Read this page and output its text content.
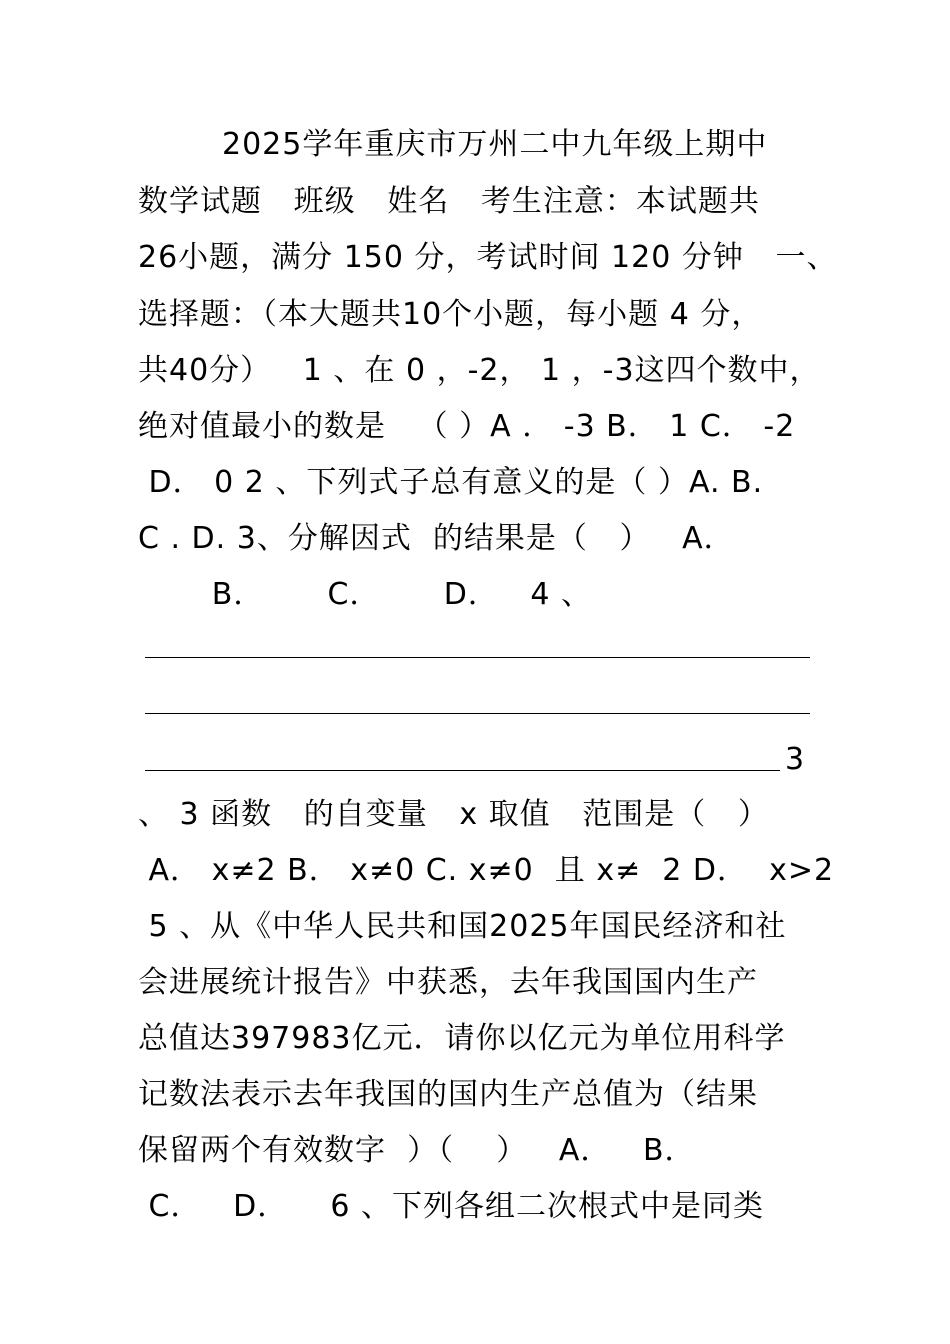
2025学年重庆市万州二中九年级上期中
数学试题   班级   姓名   考生注意：本试题共
26小题，满分 150 分，考试时间 120 分钟   一、
选择题：（本大题共10个小题，每小题 4 分，
共40分）   1 、在 0 ，-2， 1 ，-3这四个数中，
绝对值最小的数是   （ ）A ． -3 B． 1 C． -2
D． 0 2 、下列式子总有意义的是（ ）A. B.
C . D. 3、分解因式  的结果是（   ）   A．
B．      C．      D．   4 、
3
、 3 函数   的自变量   x 取值   范围是（   ）
A． x≠2 B． x≠0 C. x≠0  且 x≠  2 D．  x>2
5 、从《中华人民共和国2025年国民经济和社
会进展统计报告》中获悉，去年我国国内生产
总值达397983亿元．请你以亿元为单位用科学
记数法表示去年我国的国内生产总值为（结果
保留两个有效数字  ）（    ）   A．   B．
C．   D．    6 、下列各组二次根式中是同类
